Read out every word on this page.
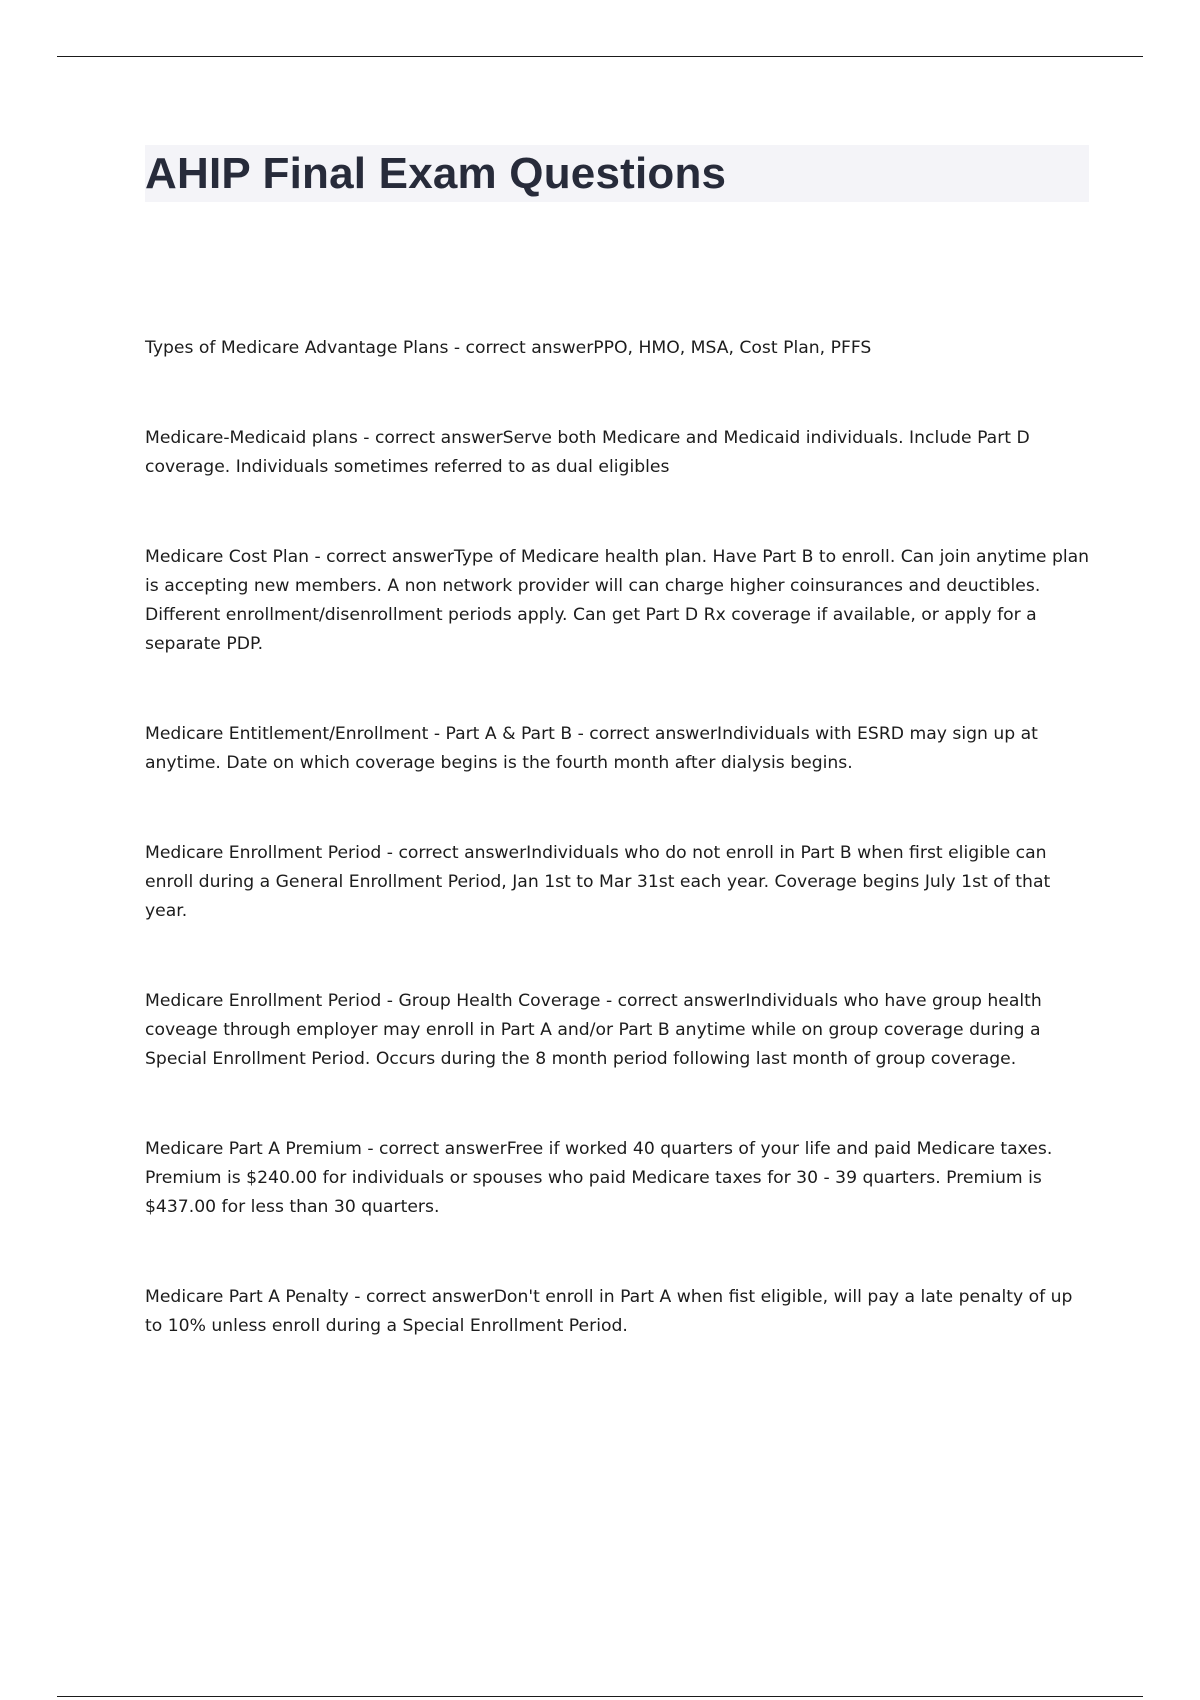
AHIP Final Exam Questions

Types of Medicare Advantage Plans - correct answerPPO, HMO, MSA, Cost Plan, PFFS

Medicare-Medicaid plans - correct answerServe both Medicare and Medicaid individuals. Include Part D coverage. Individuals sometimes referred to as dual eligibles

Medicare Cost Plan - correct answerType of Medicare health plan. Have Part B to enroll. Can join anytime plan is accepting new members. A non network provider will can charge higher coinsurances and deuctibles. Different enrollment/disenrollment periods apply. Can get Part D Rx coverage if available, or apply for a separate PDP.

Medicare Entitlement/Enrollment - Part A & Part B - correct answerIndividuals with ESRD may sign up at anytime. Date on which coverage begins is the fourth month after dialysis begins.

Medicare Enrollment Period - correct answerIndividuals who do not enroll in Part B when first eligible can enroll during a General Enrollment Period, Jan 1st to Mar 31st each year. Coverage begins July 1st of that year.

Medicare Enrollment Period - Group Health Coverage - correct answerIndividuals who have group health coveage through employer may enroll in Part A and/or Part B anytime while on group coverage during a Special Enrollment Period. Occurs during the 8 month period following last month of group coverage.

Medicare Part A Premium - correct answerFree if worked 40 quarters of your life and paid Medicare taxes. Premium is $240.00 for individuals or spouses who paid Medicare taxes for 30 - 39 quarters. Premium is $437.00 for less than 30 quarters.

Medicare Part A Penalty - correct answerDon't enroll in Part A when fist eligible, will pay a late penalty of up to 10% unless enroll during a Special Enrollment Period.
